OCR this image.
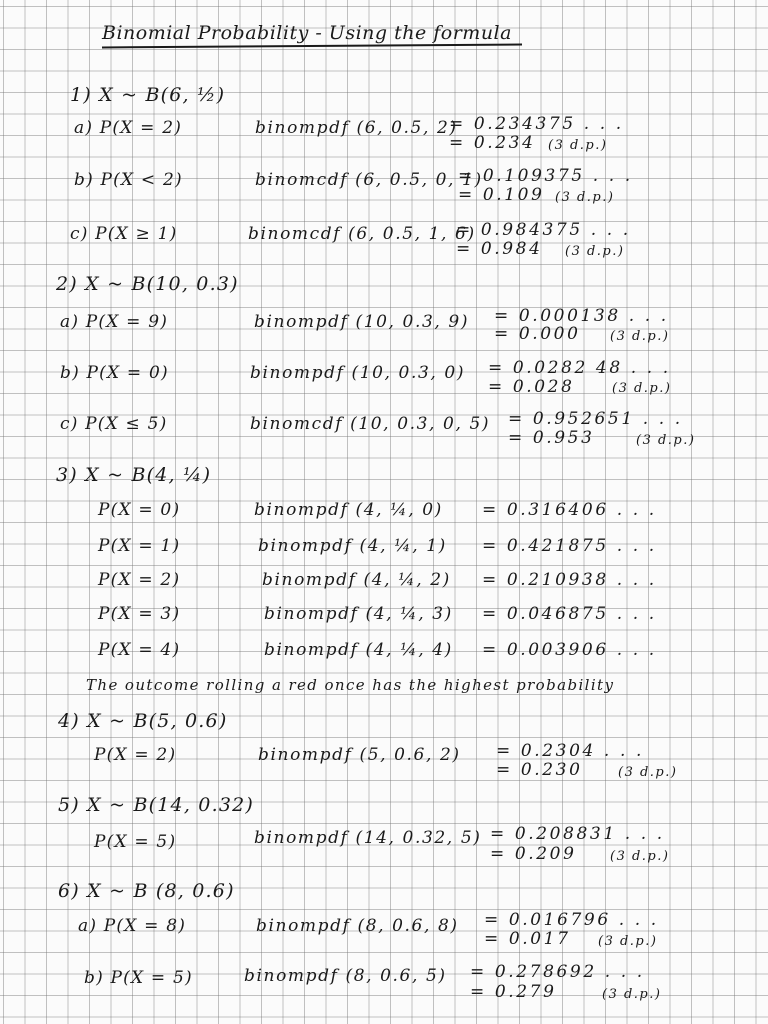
Binomial Probability - Using the formula
1) X ~ B(6, ½)
a) P(X = 2)	binompdf (6, 0.5, 2)
= 0.234375 . . .
= 0.234 (3 d.p.)
b) P(X < 2)	binomcdf (6, 0.5, 0, 1)
= 0.109375 . . .
= 0.109 (3 d.p.)
c) P(X ≥ 1)	binomcdf (6, 0.5, 1, 6)
= 0.984375 . . .
= 0.984 (3 d.p.)
2) X ~ B(10, 0.3)
a) P(X = 9)	binompdf (10, 0.3, 9) = 0.000138 . . .
= 0.000 (3 d.p.)
b) P(X = 0)	binompdf (10, 0.3, 0) = 0.0282 48 . . .
= 0.028	(3 d.p.)
c) P(X ≤ 5)	binomcdf (10, 0.3, 0, 5) = 0.952651 . . .
= 0.953	(3 d.p.)
3) X ~ B(4, ¼)
P(X = 0)	binompdf (4, ¼, 0) = 0.316406 . . .
P(X = 1)	binompdf (4, ¼, 1) = 0.421875 . . .
P(X = 2)	binompdf (4, ¼, 2) = 0.210938 . . .
P(X = 3)	binompdf (4, ¼, 3) = 0.046875 . . .
P(X = 4)	binompdf (4, ¼, 4) = 0.003906 . . .
The outcome rolling a red once has the highest probability
4) X ~ B(5, 0.6)
P(X = 2)	binompdf (5, 0.6, 2) = 0.2304 . . .
= 0.230	(3 d.p.)
5) X ~ B(14, 0.32)
P(X = 5)	binompdf (14, 0.32, 5) = 0.208831 . . .
= 0.209	(3 d.p.)
6) X ~ B (8, 0.6)
a) P(X = 8)	binompdf (8, 0.6, 8) = 0.016796 . . .
= 0.017 (3 d.p.)
b) P(X = 5)	binompdf (8, 0.6, 5) = 0.278692 . . .
= 0.279	(3 d.p.)
